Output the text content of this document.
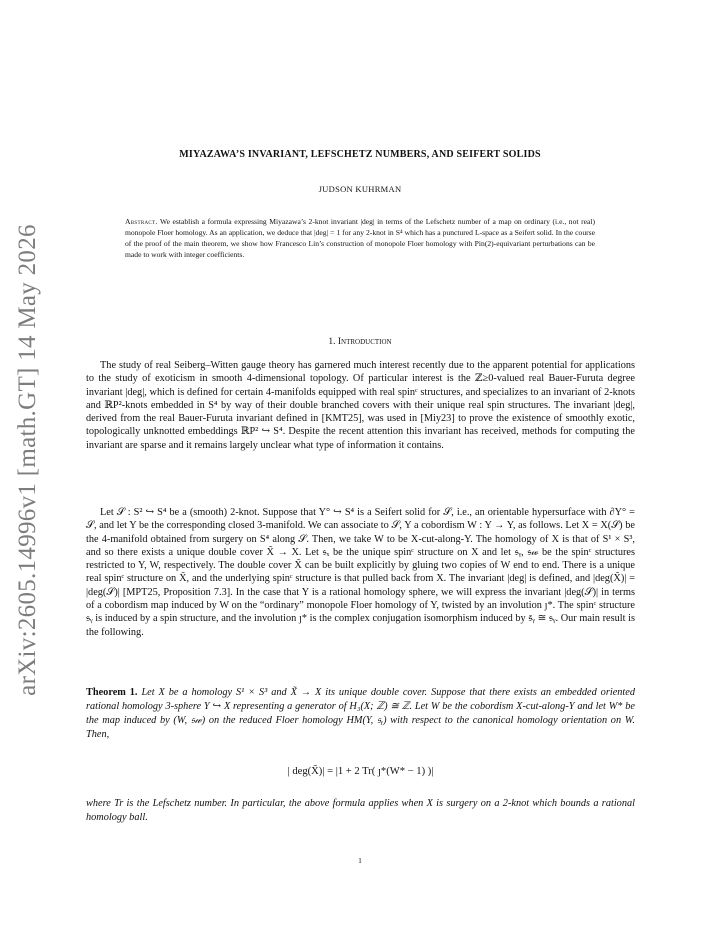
arXiv:2605.14996v1 [math.GT] 14 May 2026
MIYAZAWA’S INVARIANT, LEFSCHETZ NUMBERS, AND SEIFERT SOLIDS
JUDSON KUHRMAN
Abstract. We establish a formula expressing Miyazawa’s 2-knot invariant |deg| in terms of the Lefschetz number of a map on ordinary (i.e., not real) monopole Floer homology. As an application, we deduce that |deg| = 1 for any 2-knot in S⁴ which has a punctured L-space as a Seifert solid. In the course of the proof of the main theorem, we show how Francesco Lin’s construction of monopole Floer homology with Pin(2)-equivariant perturbations can be made to work with integer coefficients.
1. Introduction

The study of real Seiberg–Witten gauge theory has garnered much interest recently due to the apparent potential for applications to the study of exoticism in smooth 4-dimensional topology. Of particular interest is the ℤ≥0-valued real Bauer-Furuta degree invariant |deg|, which is defined for certain 4-manifolds equipped with real spinᶜ structures, and specializes to an invariant of 2-knots and ℝP²-knots embedded in S⁴ by way of their double branched covers with their unique real spin structures. The invariant |deg|, derived from the real Bauer-Furuta invariant defined in [KMT25], was used in [Miy23] to prove the existence of smoothly exotic, topologically unknotted embeddings ℝP² ↪ S⁴. Despite the recent attention this invariant has received, methods for computing the invariant are sparse and it remains largely unclear what type of information it contains.

Let 𝒮 : S² ↪ S⁴ be a (smooth) 2-knot. Suppose that Y° ↪ S⁴ is a Seifert solid for 𝒮, i.e., an orientable hypersurface with ∂Y° = 𝒮, and let Y be the corresponding closed 3-manifold. We can associate to 𝒮, Y a cobordism W : Y → Y, as follows. Let X = X(𝒮) be the 4-manifold obtained from surgery on S⁴ along 𝒮. Then, we take W to be X-cut-along-Y. The homology of X is that of S¹ × S³, and so there exists a unique double cover X̃ → X. Let 𝔰ₓ be the unique spinᶜ structure on X and let 𝔰ᵧ, 𝔰𝓌 be the spinᶜ structures restricted to Y, W, respectively. The double cover X̃ can be built explicitly by gluing two copies of W end to end. There is a unique real spinᶜ structure on X̃, and the underlying spinᶜ structure is that pulled back from X. The invariant |deg| is defined, and |deg(X̃)| = |deg(𝒮)| [MPT25, Proposition 7.3]. In the case that Y is a rational homology sphere, we will express the invariant |deg(𝒮)| in terms of a cobordism map induced by W on the “ordinary” monopole Floer homology of Y, twisted by an involution ȷ*. The spinᶜ structure 𝔰ᵧ is induced by a spin structure, and the involution ȷ* is the complex conjugation isomorphism induced by 𝔰̄ᵧ ≅ 𝔰ᵧ. Our main result is the following.

Theorem 1. Let X be a homology S¹ × S³ and X̃ → X its unique double cover. Suppose that there exists an embedded oriented rational homology 3-sphere Y ↪ X representing a generator of H₃(X; ℤ) ≅ ℤ. Let W be the cobordism X-cut-along-Y and let W* be the map induced by (W, 𝔰𝓌) on the reduced Floer homology HM(Y, 𝔰ᵧ) with respect to the canonical homology orientation on W. Then,
| deg(X̃)| = |1 + 2 Tr( ȷ*(W* − 1) )|
where Tr is the Lefschetz number. In particular, the above formula applies when X is surgery on a 2-knot which bounds a rational homology ball.
1
